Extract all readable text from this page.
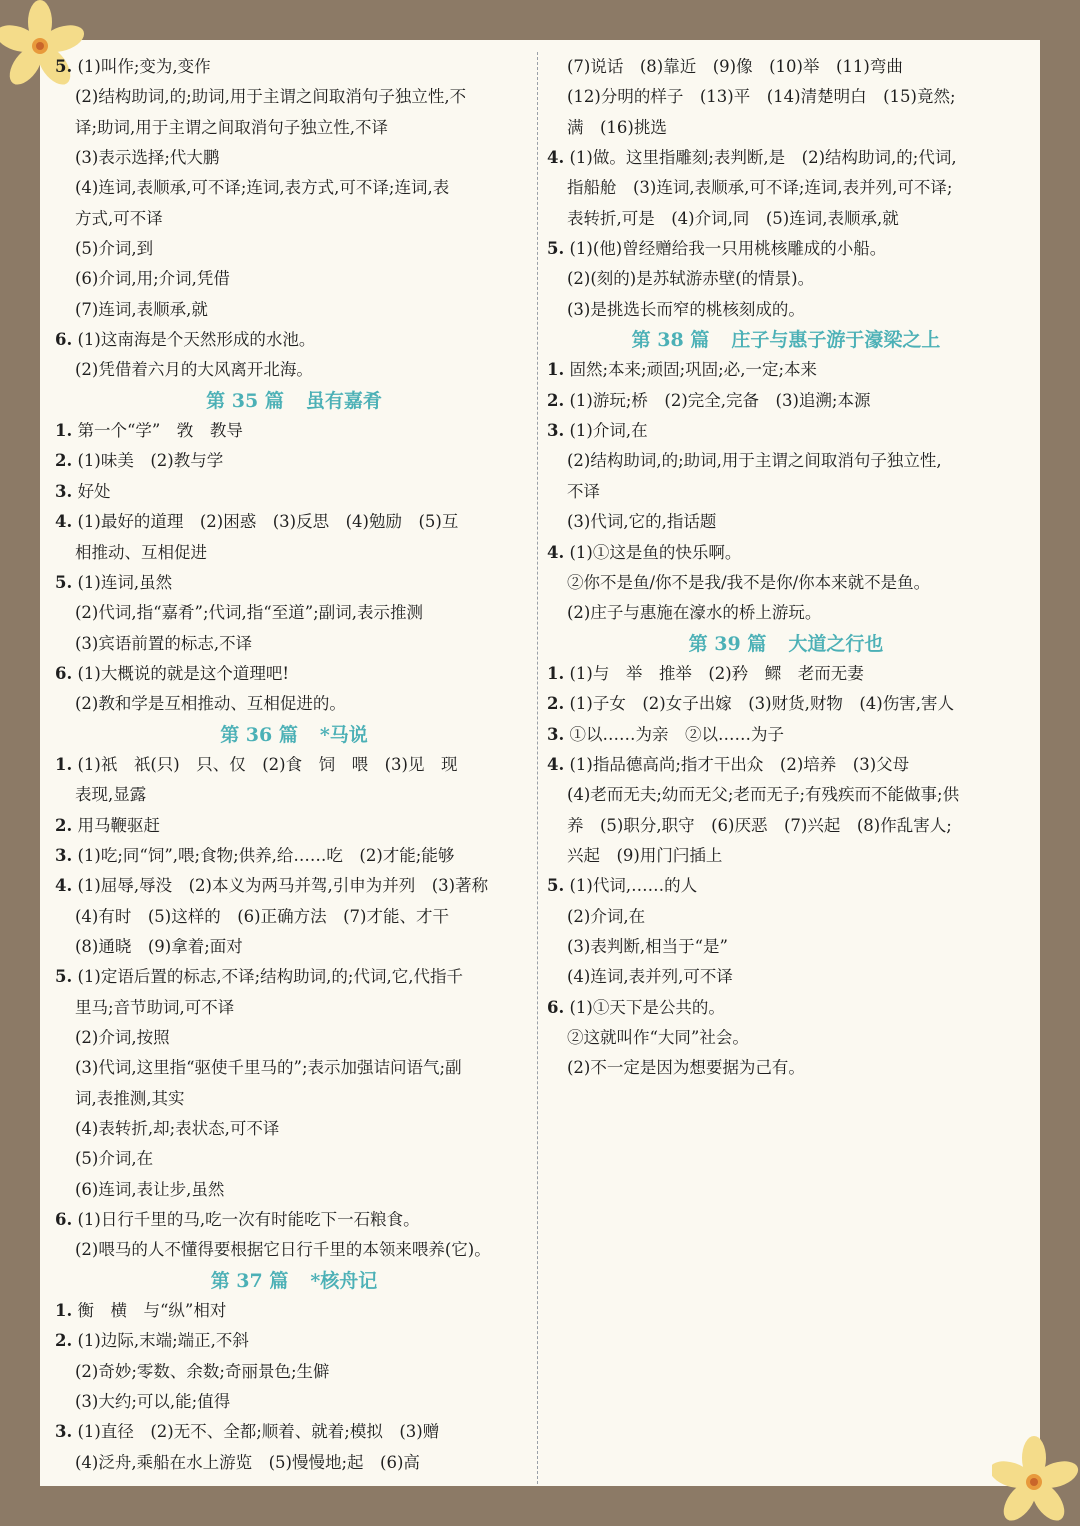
5. (1)叫作;变为,变作
(2)结构助词,的;助词,用于主谓之间取消句子独立性,不
译;助词,用于主谓之间取消句子独立性,不译
(3)表示选择;代大鹏
(4)连词,表顺承,可不译;连词,表方式,可不译;连词,表
方式,可不译
(5)介词,到
(6)介词,用;介词,凭借
(7)连词,表顺承,就
6. (1)这南海是个天然形成的水池。
(2)凭借着六月的大风离开北海。
第 35 篇 虽有嘉肴
1. 第一个“学”　敩　教导
2. (1)味美　(2)教与学
3. 好处
4. (1)最好的道理　(2)困惑　(3)反思　(4)勉励　(5)互
相推动、互相促进
5. (1)连词,虽然
(2)代词,指“嘉肴”;代词,指“至道”;副词,表示推测
(3)宾语前置的标志,不译
6. (1)大概说的就是这个道理吧!
(2)教和学是互相推动、互相促进的。
第 36 篇 *马说
1. (1)祇　祇(只)　只、仅　(2)食　饲　喂　(3)见　现
表现,显露
2. 用马鞭驱赶
3. (1)吃;同“饲”,喂;食物;供养,给……吃　(2)才能;能够
4. (1)屈辱,辱没　(2)本义为两马并驾,引申为并列　(3)著称
(4)有时　(5)这样的　(6)正确方法　(7)才能、才干
(8)通晓　(9)拿着;面对
5. (1)定语后置的标志,不译;结构助词,的;代词,它,代指千
里马;音节助词,可不译
(2)介词,按照
(3)代词,这里指“驱使千里马的”;表示加强诘问语气;副
词,表推测,其实
(4)表转折,却;表状态,可不译
(5)介词,在
(6)连词,表让步,虽然
6. (1)日行千里的马,吃一次有时能吃下一石粮食。
(2)喂马的人不懂得要根据它日行千里的本领来喂养(它)。
第 37 篇 *核舟记
1. 衡　横　与“纵”相对
2. (1)边际,末端;端正,不斜
(2)奇妙;零数、余数;奇丽景色;生僻
(3)大约;可以,能;值得
3. (1)直径　(2)无不、全都;顺着、就着;模拟　(3)赠
(4)泛舟,乘船在水上游览　(5)慢慢地;起　(6)高
(7)说话　(8)靠近　(9)像　(10)举　(11)弯曲
(12)分明的样子　(13)平　(14)清楚明白　(15)竟然;
满　(16)挑选
4. (1)做。这里指雕刻;表判断,是　(2)结构助词,的;代词,
指船舱　(3)连词,表顺承,可不译;连词,表并列,可不译;
表转折,可是　(4)介词,同　(5)连词,表顺承,就
5. (1)(他)曾经赠给我一只用桃核雕成的小船。
(2)(刻的)是苏轼游赤壁(的情景)。
(3)是挑选长而窄的桃核刻成的。
第 38 篇 庄子与惠子游于濠梁之上
1. 固然;本来;顽固;巩固;必,一定;本来
2. (1)游玩;桥　(2)完全,完备　(3)追溯;本源
3. (1)介词,在
(2)结构助词,的;助词,用于主谓之间取消句子独立性,
不译
(3)代词,它的,指话题
4. (1)①这是鱼的快乐啊。
②你不是鱼/你不是我/我不是你/你本来就不是鱼。
(2)庄子与惠施在濠水的桥上游玩。
第 39 篇 大道之行也
1. (1)与　举　推举　(2)矜　鳏　老而无妻
2. (1)子女　(2)女子出嫁　(3)财货,财物　(4)伤害,害人
3. ①以……为亲　②以……为子
4. (1)指品德高尚;指才干出众　(2)培养　(3)父母
(4)老而无夫;幼而无父;老而无子;有残疾而不能做事;供
养　(5)职分,职守　(6)厌恶　(7)兴起　(8)作乱害人;
兴起　(9)用门闩插上
5. (1)代词,……的人
(2)介词,在
(3)表判断,相当于“是”
(4)连词,表并列,可不译
6. (1)①天下是公共的。
②这就叫作“大同”社会。
(2)不一定是因为想要据为己有。
